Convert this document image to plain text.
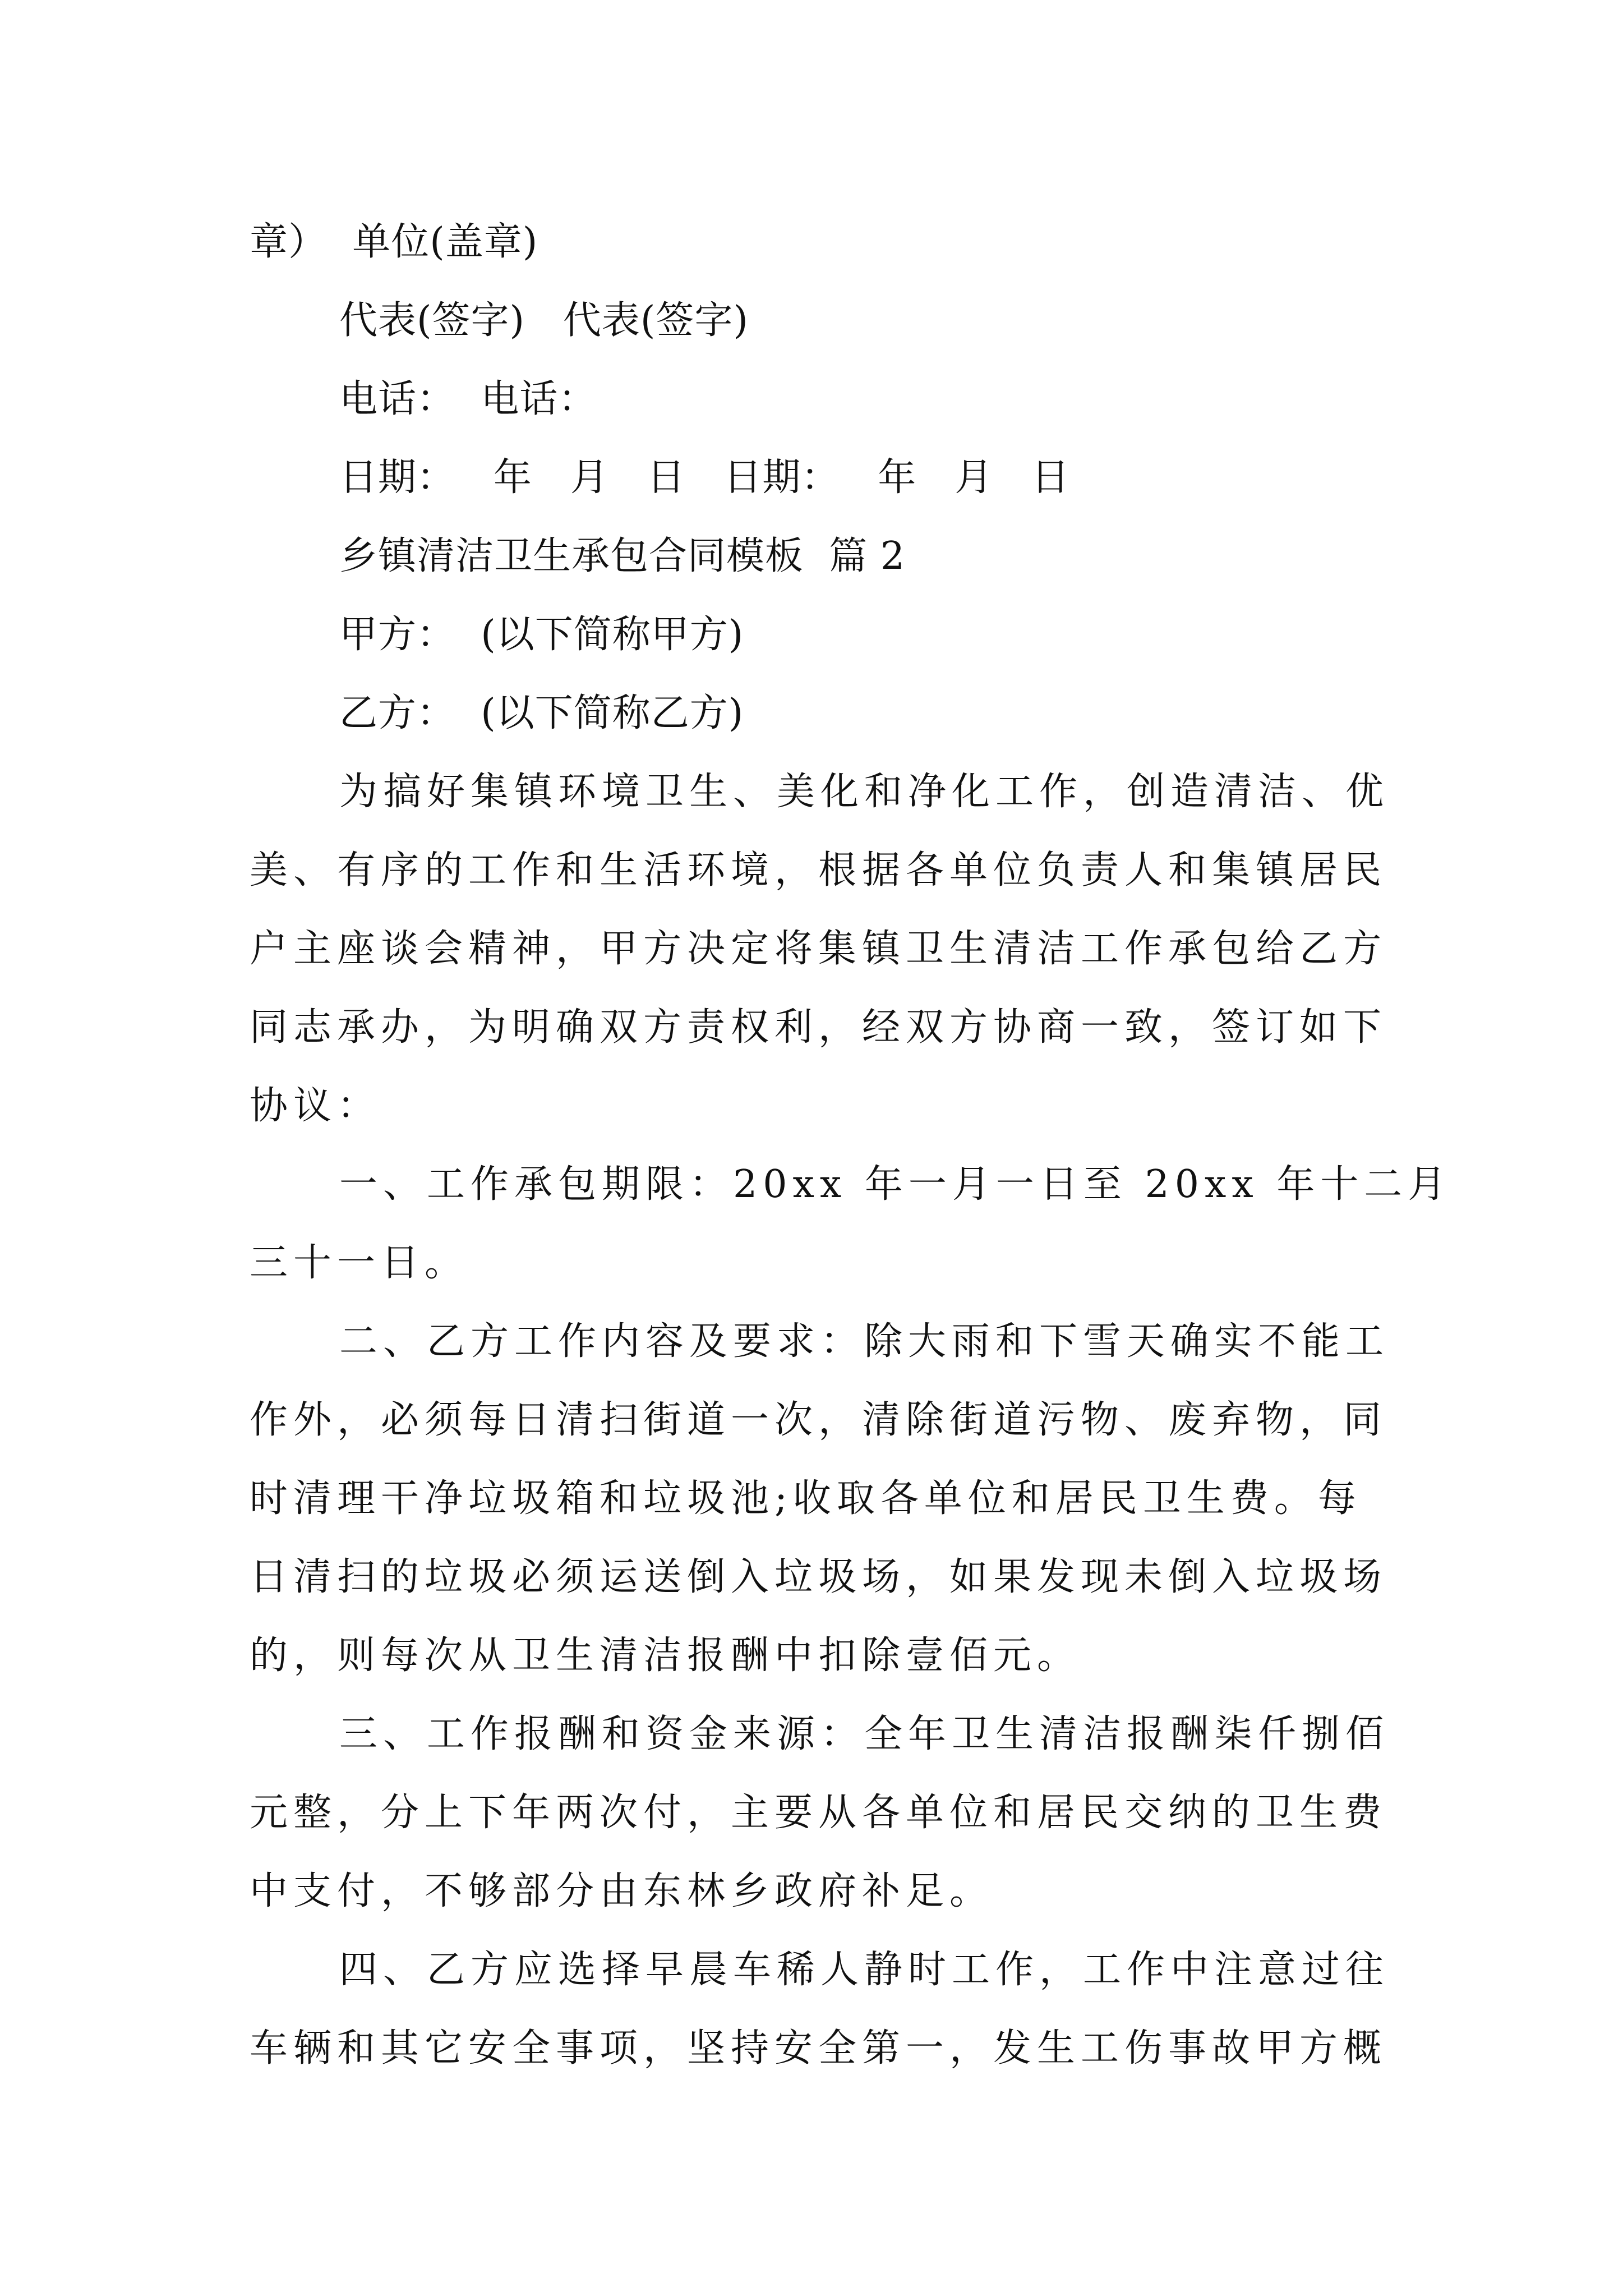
章）  单位(盖章)
代表(签字)   代表(签字)
电话：  电话：
日期：   年   月   日   日期：   年   月   日
乡镇清洁卫生承包合同模板  篇 2
甲方：  (以下简称甲方)
乙方：  (以下简称乙方)
为搞好集镇环境卫生、美化和净化工作，创造清洁、优
美、有序的工作和生活环境，根据各单位负责人和集镇居民
户主座谈会精神，甲方决定将集镇卫生清洁工作承包给乙方
同志承办，为明确双方责权利，经双方协商一致，签订如下
协议：
一、工作承包期限：20xx 年一月一日至 20xx 年十二月
三十一日。
二、乙方工作内容及要求：除大雨和下雪天确实不能工
作外，必须每日清扫街道一次，清除街道污物、废弃物，同
时清理干净垃圾箱和垃圾池;收取各单位和居民卫生费。每
日清扫的垃圾必须运送倒入垃圾场，如果发现未倒入垃圾场
的，则每次从卫生清洁报酬中扣除壹佰元。
三、工作报酬和资金来源：全年卫生清洁报酬柒仟捌佰
元整，分上下年两次付，主要从各单位和居民交纳的卫生费
中支付，不够部分由东林乡政府补足。
四、乙方应选择早晨车稀人静时工作，工作中注意过往
车辆和其它安全事项，坚持安全第一，发生工伤事故甲方概
